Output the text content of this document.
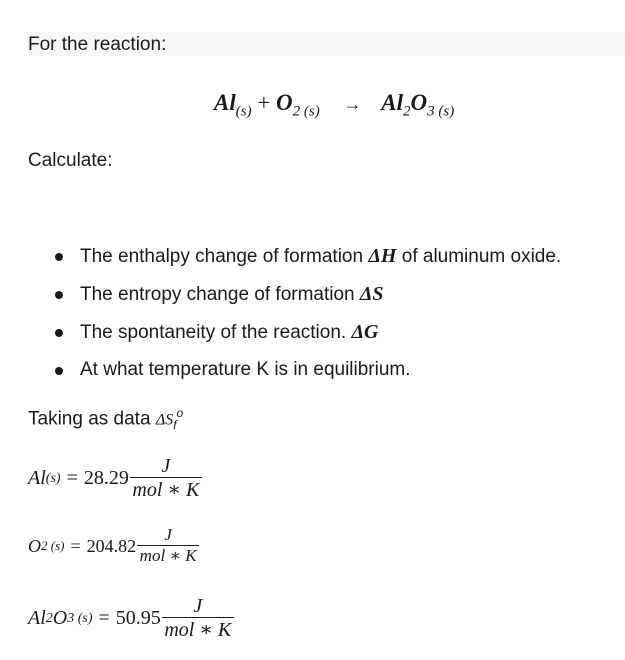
For the reaction:
$Al_{(s)} + O_2$ $_{(s)} \to Al_2O_3$ $_{(s)}$
Calculate:
The enthalpy change of formation ΔH of aluminum oxide.
The entropy change of formation ΔS
The spontaneity of the reaction. ΔG
At what temperature K is in equilibrium.
Taking as data $\Delta S_f^o$
Al $(s) = 28.29 \frac{J}{\text{mol ∗ K}}$
O 2 $(s) = 204.82 \frac{J}{\text{mol ∗ K}}$
Al 2 O 3 $(s) = 50.95 \frac{J}{\text{mol ∗ K}}$
